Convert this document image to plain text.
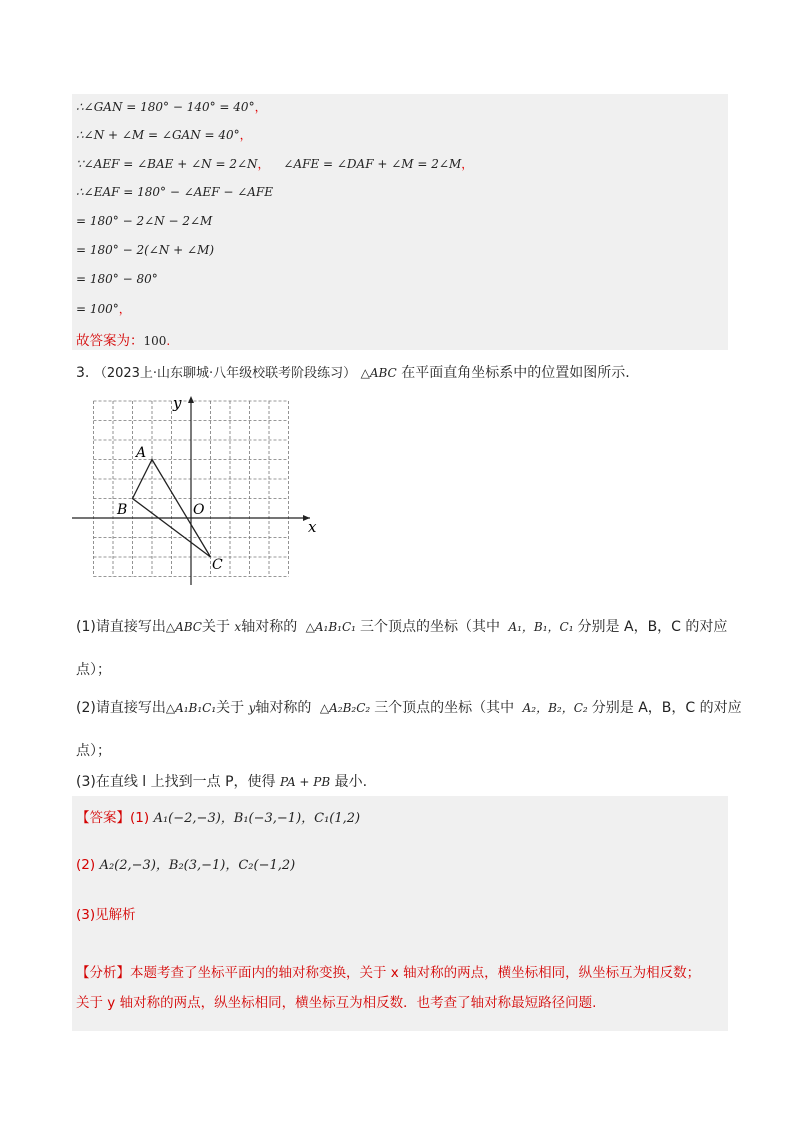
∴∠GAN = 180° − 140° = 40°，
∴∠N + ∠M = ∠GAN = 40°，
∵∠AEF = ∠BAE + ∠N = 2∠N， ∠AFE = ∠DAF + ∠M = 2∠M，
∴∠EAF = 180° − ∠AEF − ∠AFE
= 180° − 2∠N − 2∠M
= 180° − 2(∠N + ∠M)
= 180° − 80°
= 100°，
故答案为：100.
3. （2023上·山东聊城·八年级校联考阶段练习） △ABC 在平面直角坐标系中的位置如图所示.
y
x
O
A
B
C
(1)请直接写出△ABC关于 x轴对称的 △A₁B₁C₁ 三个顶点的坐标（其中 A₁，B₁，C₁ 分别是 A，B，C 的对应
点）；
(2)请直接写出△A₁B₁C₁关于 y轴对称的 △A₂B₂C₂ 三个顶点的坐标（其中 A₂，B₂，C₂ 分别是 A，B，C 的对应
点）；
(3)在直线 l 上找到一点 P，使得 PA + PB 最小.
【答案】(1) A₁(−2,−3)，B₁(−3,−1)，C₁(1,2)
(2) A₂(2,−3)，B₂(3,−1)，C₂(−1,2)
(3)见解析
【分析】本题考查了坐标平面内的轴对称变换，关于 x 轴对称的两点，横坐标相同，纵坐标互为相反数；
关于 y 轴对称的两点，纵坐标相同，横坐标互为相反数．也考查了轴对称最短路径问题.
